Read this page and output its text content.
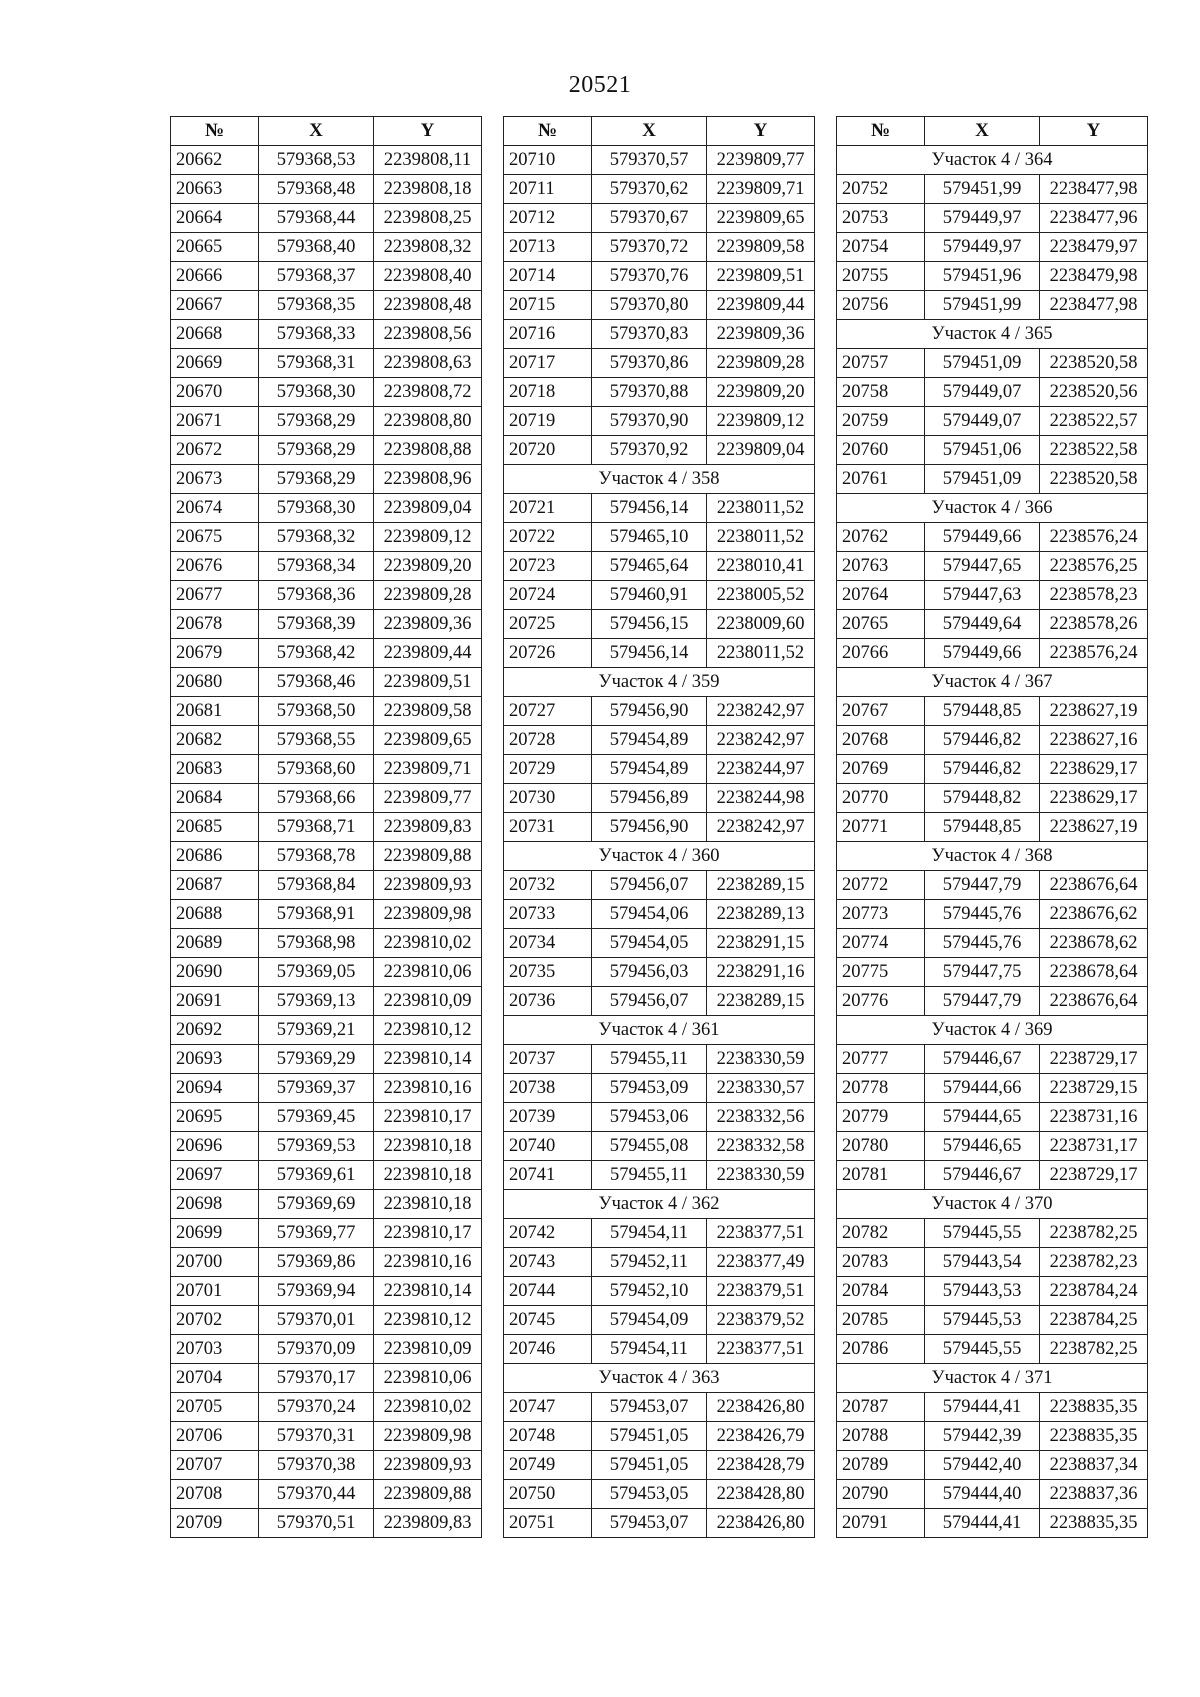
20521
№	X	Y
20662	579368,53	2239808,11
20663	579368,48	2239808,18
20664	579368,44	2239808,25
20665	579368,40	2239808,32
20666	579368,37	2239808,40
20667	579368,35	2239808,48
20668	579368,33	2239808,56
20669	579368,31	2239808,63
20670	579368,30	2239808,72
20671	579368,29	2239808,80
20672	579368,29	2239808,88
20673	579368,29	2239808,96
20674	579368,30	2239809,04
20675	579368,32	2239809,12
20676	579368,34	2239809,20
20677	579368,36	2239809,28
20678	579368,39	2239809,36
20679	579368,42	2239809,44
20680	579368,46	2239809,51
20681	579368,50	2239809,58
20682	579368,55	2239809,65
20683	579368,60	2239809,71
20684	579368,66	2239809,77
20685	579368,71	2239809,83
20686	579368,78	2239809,88
20687	579368,84	2239809,93
20688	579368,91	2239809,98
20689	579368,98	2239810,02
20690	579369,05	2239810,06
20691	579369,13	2239810,09
20692	579369,21	2239810,12
20693	579369,29	2239810,14
20694	579369,37	2239810,16
20695	579369,45	2239810,17
20696	579369,53	2239810,18
20697	579369,61	2239810,18
20698	579369,69	2239810,18
20699	579369,77	2239810,17
20700	579369,86	2239810,16
20701	579369,94	2239810,14
20702	579370,01	2239810,12
20703	579370,09	2239810,09
20704	579370,17	2239810,06
20705	579370,24	2239810,02
20706	579370,31	2239809,98
20707	579370,38	2239809,93
20708	579370,44	2239809,88
20709	579370,51	2239809,83
№	X	Y
20710	579370,57	2239809,77
20711	579370,62	2239809,71
20712	579370,67	2239809,65
20713	579370,72	2239809,58
20714	579370,76	2239809,51
20715	579370,80	2239809,44
20716	579370,83	2239809,36
20717	579370,86	2239809,28
20718	579370,88	2239809,20
20719	579370,90	2239809,12
20720	579370,92	2239809,04
Участок 4 / 358		
20721	579456,14	2238011,52
20722	579465,10	2238011,52
20723	579465,64	2238010,41
20724	579460,91	2238005,52
20725	579456,15	2238009,60
20726	579456,14	2238011,52
Участок 4 / 359		
20727	579456,90	2238242,97
20728	579454,89	2238242,97
20729	579454,89	2238244,97
20730	579456,89	2238244,98
20731	579456,90	2238242,97
Участок 4 / 360		
20732	579456,07	2238289,15
20733	579454,06	2238289,13
20734	579454,05	2238291,15
20735	579456,03	2238291,16
20736	579456,07	2238289,15
Участок 4 / 361		
20737	579455,11	2238330,59
20738	579453,09	2238330,57
20739	579453,06	2238332,56
20740	579455,08	2238332,58
20741	579455,11	2238330,59
Участок 4 / 362		
20742	579454,11	2238377,51
20743	579452,11	2238377,49
20744	579452,10	2238379,51
20745	579454,09	2238379,52
20746	579454,11	2238377,51
Участок 4 / 363		
20747	579453,07	2238426,80
20748	579451,05	2238426,79
20749	579451,05	2238428,79
20750	579453,05	2238428,80
20751	579453,07	2238426,80
№	X	Y
Участок 4 / 364		
20752	579451,99	2238477,98
20753	579449,97	2238477,96
20754	579449,97	2238479,97
20755	579451,96	2238479,98
20756	579451,99	2238477,98
Участок 4 / 365		
20757	579451,09	2238520,58
20758	579449,07	2238520,56
20759	579449,07	2238522,57
20760	579451,06	2238522,58
20761	579451,09	2238520,58
Участок 4 / 366		
20762	579449,66	2238576,24
20763	579447,65	2238576,25
20764	579447,63	2238578,23
20765	579449,64	2238578,26
20766	579449,66	2238576,24
Участок 4 / 367		
20767	579448,85	2238627,19
20768	579446,82	2238627,16
20769	579446,82	2238629,17
20770	579448,82	2238629,17
20771	579448,85	2238627,19
Участок 4 / 368		
20772	579447,79	2238676,64
20773	579445,76	2238676,62
20774	579445,76	2238678,62
20775	579447,75	2238678,64
20776	579447,79	2238676,64
Участок 4 / 369		
20777	579446,67	2238729,17
20778	579444,66	2238729,15
20779	579444,65	2238731,16
20780	579446,65	2238731,17
20781	579446,67	2238729,17
Участок 4 / 370		
20782	579445,55	2238782,25
20783	579443,54	2238782,23
20784	579443,53	2238784,24
20785	579445,53	2238784,25
20786	579445,55	2238782,25
Участок 4 / 371		
20787	579444,41	2238835,35
20788	579442,39	2238835,35
20789	579442,40	2238837,34
20790	579444,40	2238837,36
20791	579444,41	2238835,35
